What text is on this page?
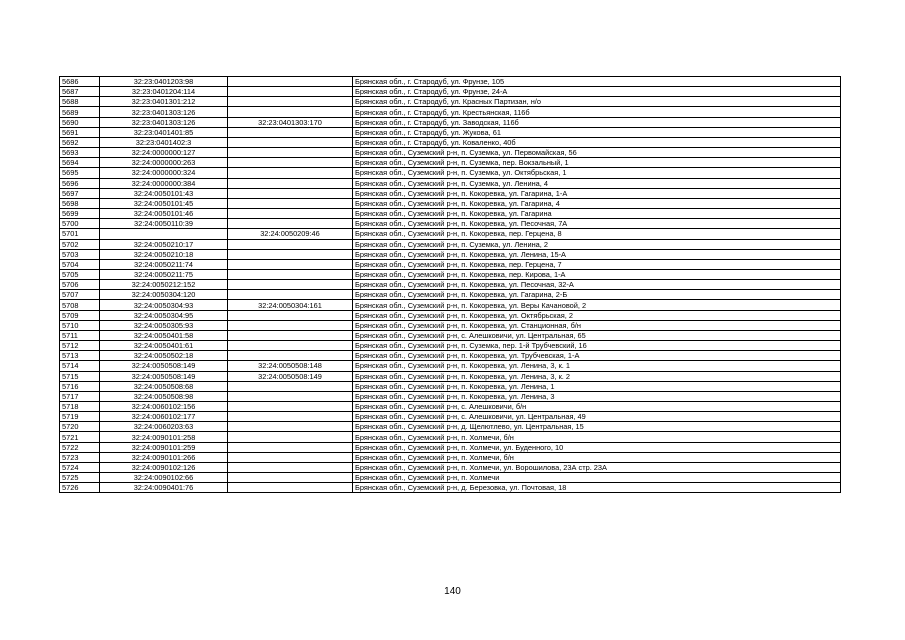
5686	32:23:0401203:98		Брянская обл., г. Стародуб, ул. Фрунзе, 105
5687	32:23:0401204:114		Брянская обл., г. Стародуб, ул. Фрунзе, 24-А
5688	32:23:0401301:212		Брянская обл., г. Стародуб, ул. Красных Партизан, н/о
5689	32:23:0401303:126		Брянская обл., г. Стародуб, ул. Крестьянская, 116б
5690	32:23:0401303:126	32:23:0401303:170	Брянская обл., г. Стародуб, ул. Заводская, 116б
5691	32:23:0401401:85		Брянская обл., г. Стародуб, ул. Жукова, 61
5692	32:23:0401402:3		Брянская обл., г. Стародуб, ул. Коваленко, 40б
5693	32:24:0000000:127		Брянская обл., Суземский р-н, п. Суземка, ул. Первомайская, 56
5694	32:24:0000000:263		Брянская обл., Суземский р-н, п. Суземка, пер. Вокзальный, 1
5695	32:24:0000000:324		Брянская обл., Суземский р-н, п. Суземка, ул. Октябрьская, 1
5696	32:24:0000000:384		Брянская обл., Суземский р-н, п. Суземка, ул. Ленина, 4
5697	32:24:0050101:43		Брянская обл., Суземский р-н, п. Кокоревка, ул. Гагарина, 1-А
5698	32:24:0050101:45		Брянская обл., Суземский р-н, п. Кокоревка, ул. Гагарина, 4
5699	32:24:0050101:46		Брянская обл., Суземский р-н, п. Кокоревка, ул. Гагарина
5700	32:24:0050110:39		Брянская обл., Суземский р-н, п. Кокоревка, ул. Песочная, 7А
5701		32:24:0050209:46	Брянская обл., Суземский р-н, п. Кокоревка, пер. Герцена, 8
5702	32:24:0050210:17		Брянская обл., Суземский р-н, п. Суземка, ул. Ленина, 2
5703	32:24:0050210:18		Брянская обл., Суземский р-н, п. Кокоревка, ул. Ленина, 15-А
5704	32:24:0050211:74		Брянская обл., Суземский р-н, п. Кокоревка, пер. Герцена, 7
5705	32:24:0050211:75		Брянская обл., Суземский р-н, п. Кокоревка, пер. Кирова, 1-А
5706	32:24:0050212:152		Брянская обл., Суземский р-н, п. Кокоревка, ул. Песочная, 32-А
5707	32:24:0050304:120		Брянская обл., Суземский р-н, п. Кокоревка, ул. Гагарина, 2-Б
5708	32:24:0050304:93	32:24:0050304:161	Брянская обл., Суземский р-н, п. Кокоревка, ул. Веры Качановой, 2
5709	32:24:0050304:95		Брянская обл., Суземский р-н, п. Кокоревка, ул. Октябрьская, 2
5710	32:24:0050305:93		Брянская обл., Суземский р-н, п. Кокоревка, ул. Станционная, б/н
5711	32:24:0050401:58		Брянская обл., Суземский р-н, с. Алешковичи, ул. Центральная, 65
5712	32:24:0050401:61		Брянская обл., Суземский р-н, п. Суземка, пер. 1-й Трубчевский, 16
5713	32:24:0050502:18		Брянская обл., Суземский р-н, п. Кокоревка, ул. Трубчевская, 1-А
5714	32:24:0050508:149	32:24:0050508:148	Брянская обл., Суземский р-н, п. Кокоревка, ул. Ленина, 3, к. 1
5715	32:24:0050508:149	32:24:0050508:149	Брянская обл., Суземский р-н, п. Кокоревка, ул. Ленина, 3, к. 2
5716	32:24:0050508:68		Брянская обл., Суземский р-н, п. Кокоревка, ул. Ленина, 1
5717	32:24:0050508:98		Брянская обл., Суземский р-н, п. Кокоревка, ул. Ленина, 3
5718	32:24:0060102:156		Брянская обл., Суземский р-н, с. Алешковичи, б/н
5719	32:24:0060102:177		Брянская обл., Суземский р-н, с. Алешковичи, ул. Центральная, 49
5720	32:24:0060203:63		Брянская обл., Суземский р-н, д. Щелютлево, ул. Центральная, 15
5721	32:24:0090101:258		Брянская обл., Суземский р-н, п. Холмечи, б/н
5722	32:24:0090101:259		Брянская обл., Суземский р-н, п. Холмечи, ул. Буденного, 10
5723	32:24:0090101:266		Брянская обл., Суземский р-н, п. Холмечи, б/н
5724	32:24:0090102:126		Брянская обл., Суземский р-н, п. Холмечи, ул. Ворошилова, 23А стр. 23А
5725	32:24:0090102:66		Брянская обл., Суземский р-н, п. Холмечи
5726	32:24:0090401:76		Брянская обл., Суземский р-н, д. Березовка, ул. Почтовая, 18
140
